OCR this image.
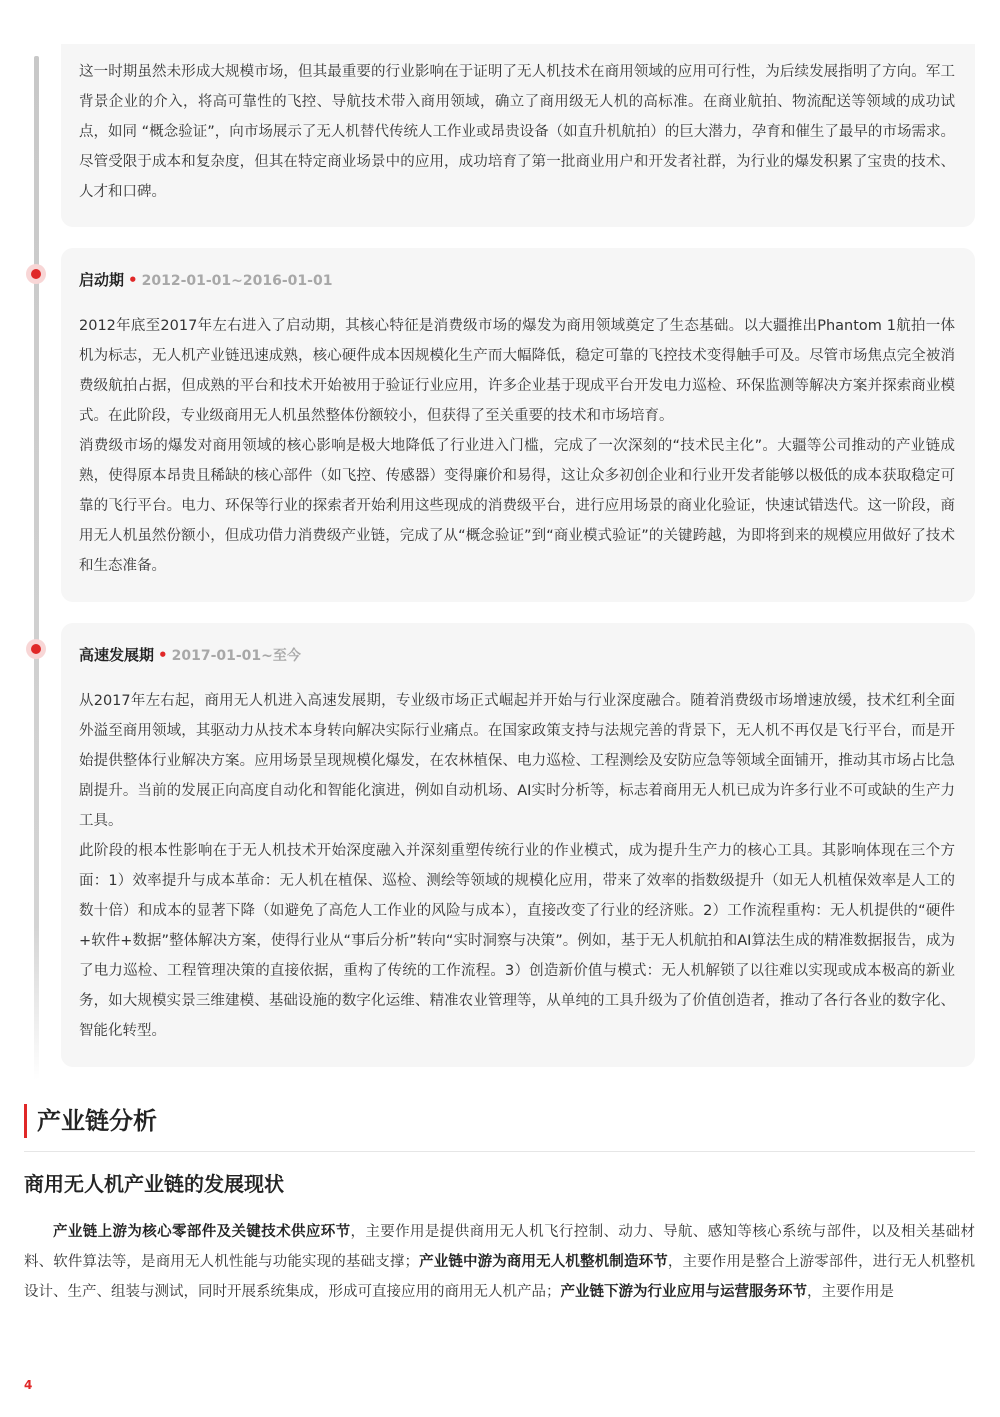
这一时期虽然未形成大规模市场，但其最重要的行业影响在于证明了无人机技术在商用领域的应用可行性，为后续发展指明了方向。军工背景企业的介入，将高可靠性的飞控、导航技术带入商用领域，确立了商用级无人机的高标准。在商业航拍、物流配送等领域的成功试点，如同 “概念验证”，向市场展示了无人机替代传统人工作业或昂贵设备（如直升机航拍）的巨大潜力，孕育和催生了最早的市场需求。尽管受限于成本和复杂度，但其在特定商业场景中的应用，成功培育了第一批商业用户和开发者社群，为行业的爆发积累了宝贵的技术、人才和口碑。

启动期 • 2012-01-01~2016-01-01

2012年底至2017年左右进入了启动期，其核心特征是消费级市场的爆发为商用领域奠定了生态基础。以大疆推出Phantom 1航拍一体机为标志，无人机产业链迅速成熟，核心硬件成本因规模化生产而大幅降低，稳定可靠的飞控技术变得触手可及。尽管市场焦点完全被消费级航拍占据，但成熟的平台和技术开始被用于验证行业应用，许多企业基于现成平台开发电力巡检、环保监测等解决方案并探索商业模式。在此阶段，专业级商用无人机虽然整体份额较小，但获得了至关重要的技术和市场培育。

消费级市场的爆发对商用领域的核心影响是极大地降低了行业进入门槛，完成了一次深刻的“技术民主化”。大疆等公司推动的产业链成熟，使得原本昂贵且稀缺的核心部件（如飞控、传感器）变得廉价和易得，这让众多初创企业和行业开发者能够以极低的成本获取稳定可靠的飞行平台。电力、环保等行业的探索者开始利用这些现成的消费级平台，进行应用场景的商业化验证，快速试错迭代。这一阶段，商用无人机虽然份额小，但成功借力消费级产业链，完成了从“概念验证”到“商业模式验证”的关键跨越，为即将到来的规模应用做好了技术和生态准备。

高速发展期 • 2017-01-01~至今

从2017年左右起，商用无人机进入高速发展期，专业级市场正式崛起并开始与行业深度融合。随着消费级市场增速放缓，技术红利全面外溢至商用领域，其驱动力从技术本身转向解决实际行业痛点。在国家政策支持与法规完善的背景下，无人机不再仅是飞行平台，而是开始提供整体行业解决方案。应用场景呈现规模化爆发，在农林植保、电力巡检、工程测绘及安防应急等领域全面铺开，推动其市场占比急剧提升。当前的发展正向高度自动化和智能化演进，例如自动机场、AI实时分析等，标志着商用无人机已成为许多行业不可或缺的生产力工具。

此阶段的根本性影响在于无人机技术开始深度融入并深刻重塑传统行业的作业模式，成为提升生产力的核心工具。其影响体现在三个方面：1）效率提升与成本革命：无人机在植保、巡检、测绘等领域的规模化应用，带来了效率的指数级提升（如无人机植保效率是人工的数十倍）和成本的显著下降（如避免了高危人工作业的风险与成本），直接改变了行业的经济账。2）工作流程重构：无人机提供的“硬件+软件+数据”整体解决方案，使得行业从“事后分析”转向“实时洞察与决策”。例如，基于无人机航拍和AI算法生成的精准数据报告，成为了电力巡检、工程管理决策的直接依据，重构了传统的工作流程。3）创造新价值与模式：无人机解锁了以往难以实现或成本极高的新业务，如大规模实景三维建模、基础设施的数字化运维、精准农业管理等，从单纯的工具升级为了价值创造者，推动了各行各业的数字化、智能化转型。

产业链分析
商用无人机产业链的发展现状

产业链上游为核心零部件及关键技术供应环节，主要作用是提供商用无人机飞行控制、动力、导航、感知等核心系统与部件，以及相关基础材料、软件算法等，是商用无人机性能与功能实现的基础支撑；产业链中游为商用无人机整机制造环节，主要作用是整合上游零部件，进行无人机整机设计、生产、组装与测试，同时开展系统集成，形成可直接应用的商用无人机产品；产业链下游为行业应用与运营服务环节，主要作用是

4
